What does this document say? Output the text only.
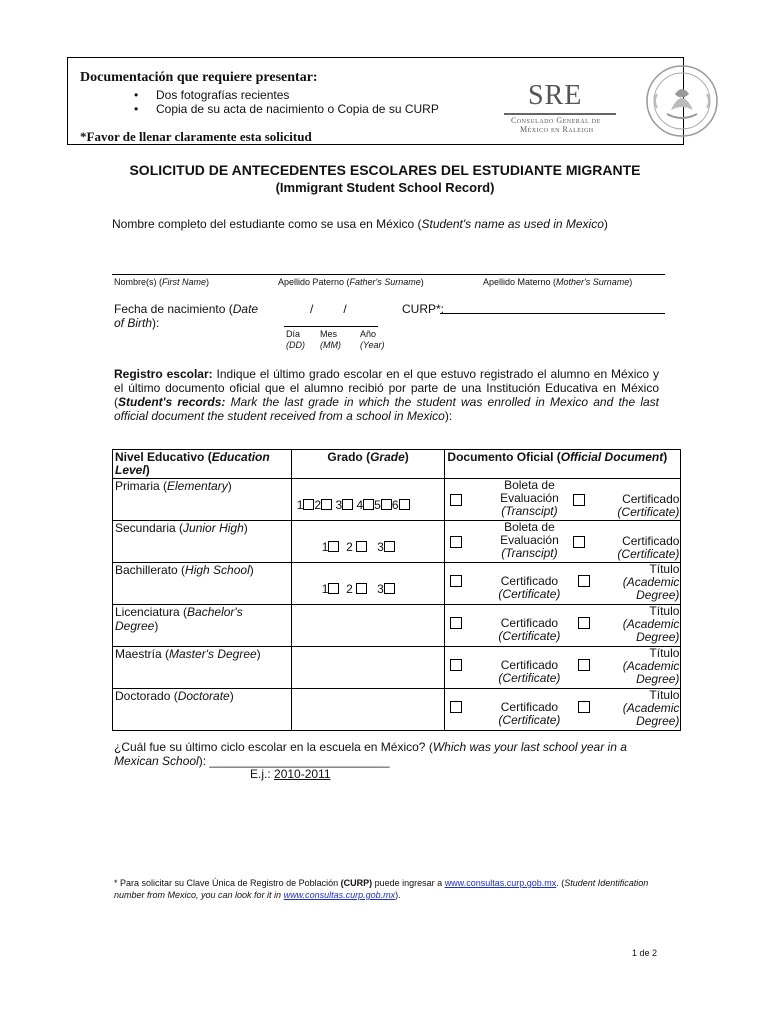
Documentación que requiere presentar:
• Dos fotografías recientes
• Copia de su acta de nacimiento o Copia de su CURP
*Favor de llenar claramente esta solicitud
SRE
Consulado General de
México en Raleigh
SOLICITUD DE ANTECEDENTES ESCOLARES DEL ESTUDIANTE MIGRANTE
(Immigrant Student School Record)
Nombre completo del estudiante como se usa en México (Student's name as used in Mexico)
Nombre(s) (First Name)	Apellido Paterno (Father's Surname)	Apellido Materno (Mother's Surname)
Fecha de nacimiento (Date
of Birth):
/         /	CURP*:
Día
(DD)
Mes
(MM)
Año
(Year)
Registro escolar: Indique el último grado escolar en el que estuvo registrado el alumno en México y el último documento oficial que el alumno recibió por parte de una Institución Educativa en México (Student's records: Mark the last grade in which the student was enrolled in Mexico and the last official document the student received from a school in Mexico):
Nivel Educativo (Education Level)	Grado (Grade)	Documento Oficial (Official Document)
Primaria (Elementary)	1 2 3 4 5 6	Boleta de
Evaluación
(Transcipt)
Certificado
(Certificate)

Secundaria (Junior High)	1 2 3	Boleta de
Evaluación
(Transcipt)
Certificado
(Certificate)

Bachillerato (High School)	1 2 3	Certificado
(Certificate)
Título
(Academic
Degree)

Licenciatura (Bachelor's Degree)		Certificado
(Certificate)
Título
(Academic
Degree)

Maestría (Master's Degree)		Certificado
(Certificate)
Título
(Academic
Degree)

Doctorado (Doctorate)		Certificado
(Certificate)
Título
(Academic
Degree)
¿Cuál fue su último ciclo escolar en la escuela en México? (Which was your last school year in a Mexican School): ___________________________
E.j.: 2010-2011
* Para solicitar su Clave Única de Registro de Población (CURP) puede ingresar a www.consultas.curp.gob.mx. (Student Identification number from Mexico, you can look for it in www.consultas.curp.gob.mx).
1 de 2
